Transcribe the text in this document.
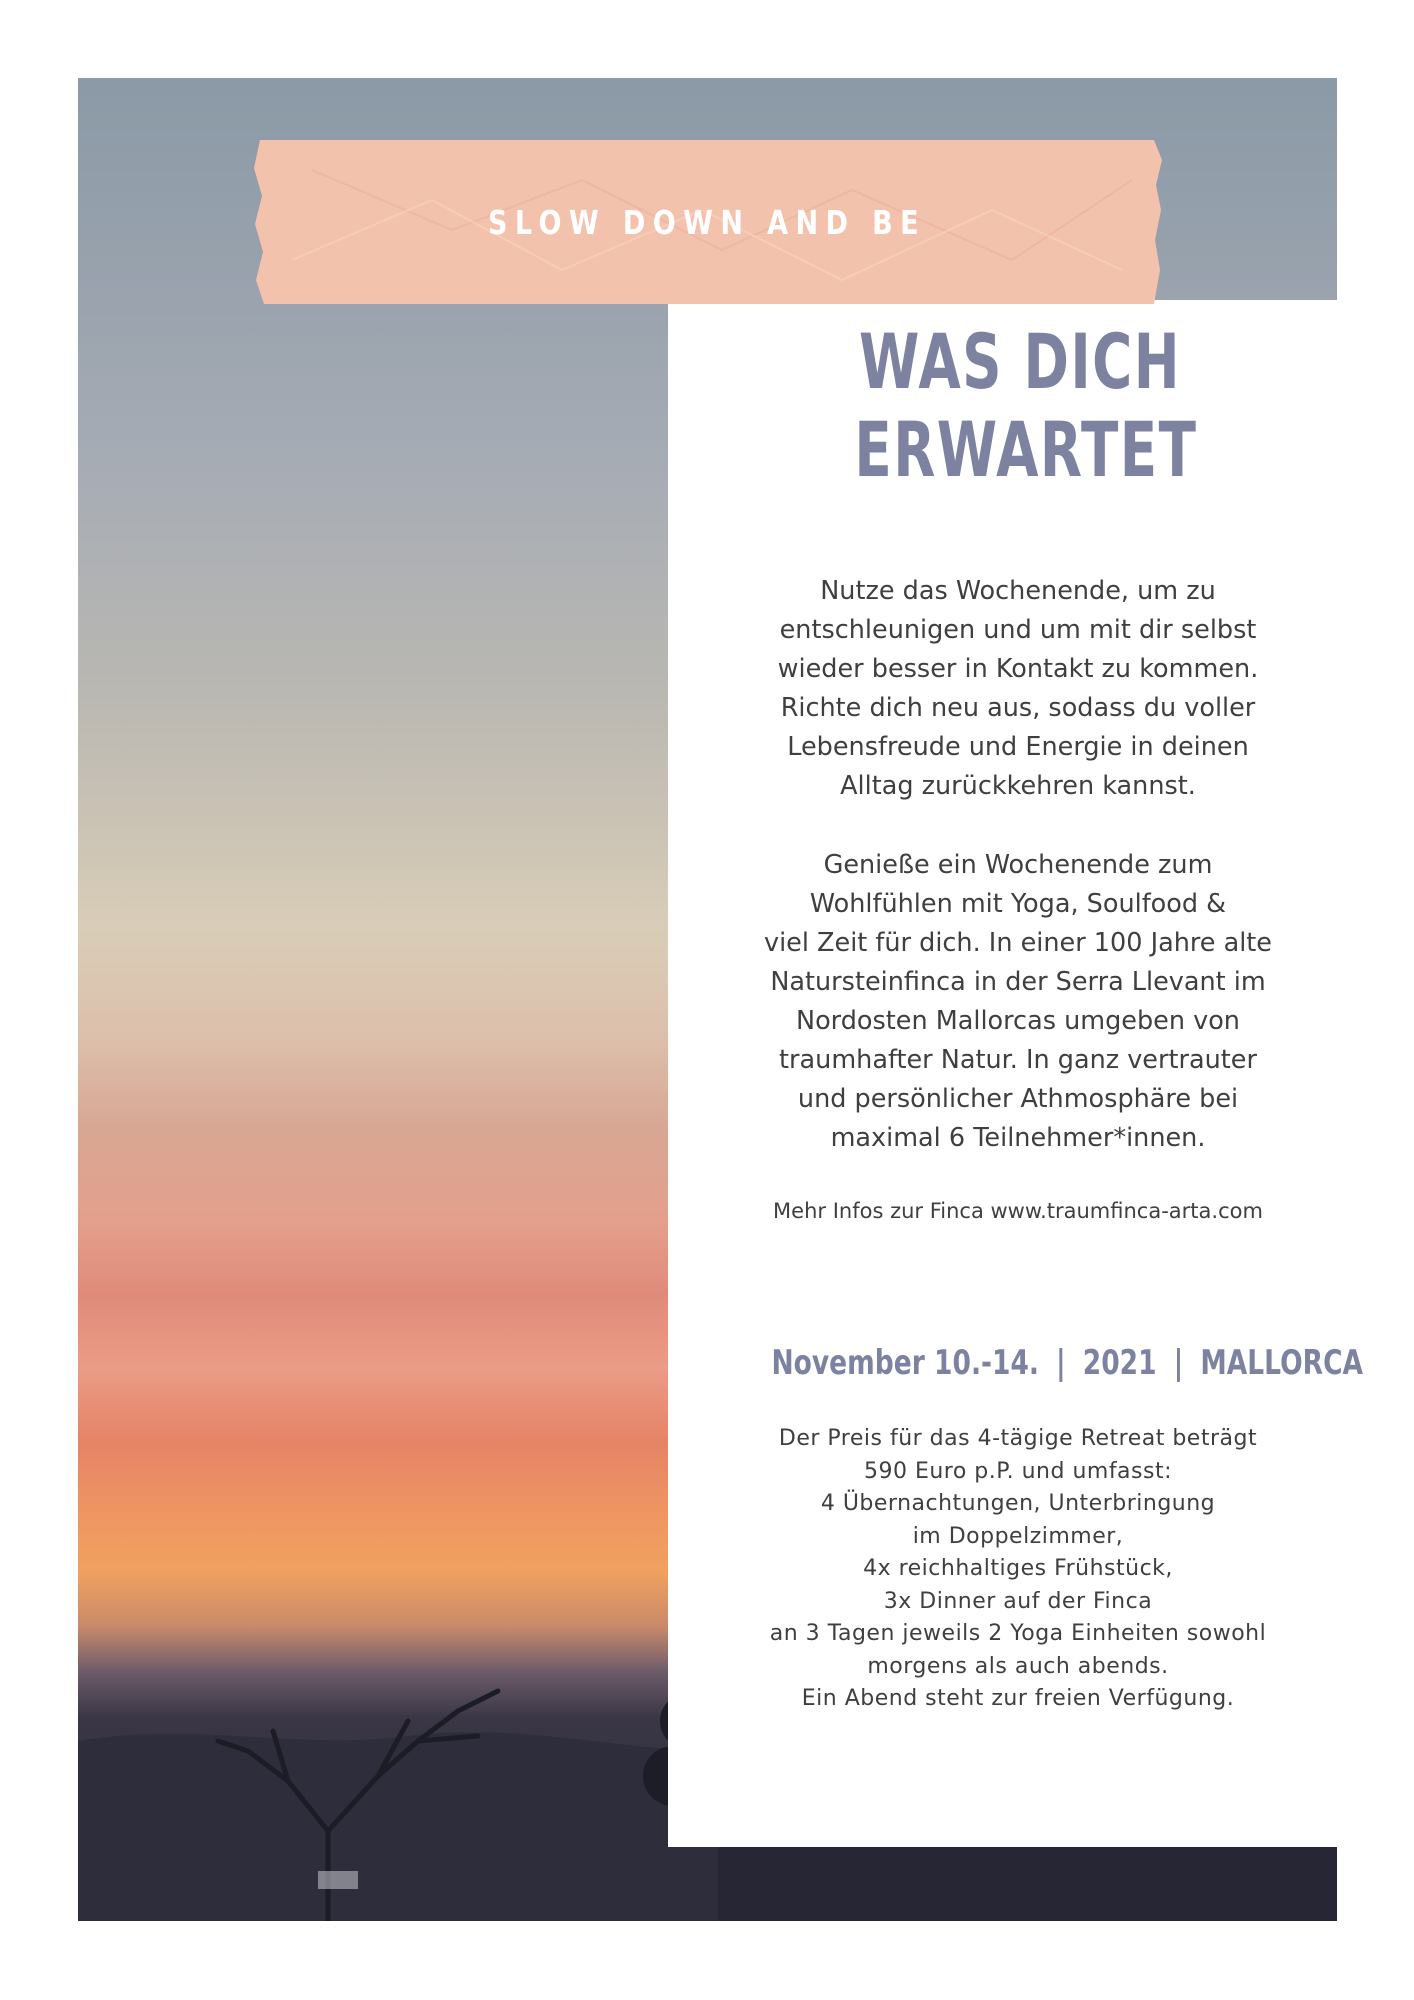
SLOW DOWN AND BE
WAS DICH
ERWARTET
Nutze das Wochenende, um zu
entschleunigen und um mit dir selbst
wieder besser in Kontakt zu kommen.
Richte dich neu aus, sodass du voller
Lebensfreude und Energie in deinen
Alltag zurückkehren kannst.
Genieße ein Wochenende zum
Wohlfühlen mit Yoga, Soulfood &
viel Zeit für dich. In einer 100 Jahre alte
Natursteinfinca in der Serra Llevant im
Nordosten Mallorcas umgeben von
traumhafter Natur. In ganz vertrauter
und persönlicher Athmosphäre bei
maximal 6 Teilnehmer*innen.
Mehr Infos zur Finca www.traumfinca-arta.com
November 10.-14. | 2021 | MALLORCA
Der Preis für das 4-tägige Retreat beträgt
590 Euro p.P. und umfasst:
4 Übernachtungen, Unterbringung
im Doppelzimmer,
4x reichhaltiges Frühstück,
3x Dinner auf der Finca
an 3 Tagen jeweils 2 Yoga Einheiten sowohl
morgens als auch abends.
Ein Abend steht zur freien Verfügung.
